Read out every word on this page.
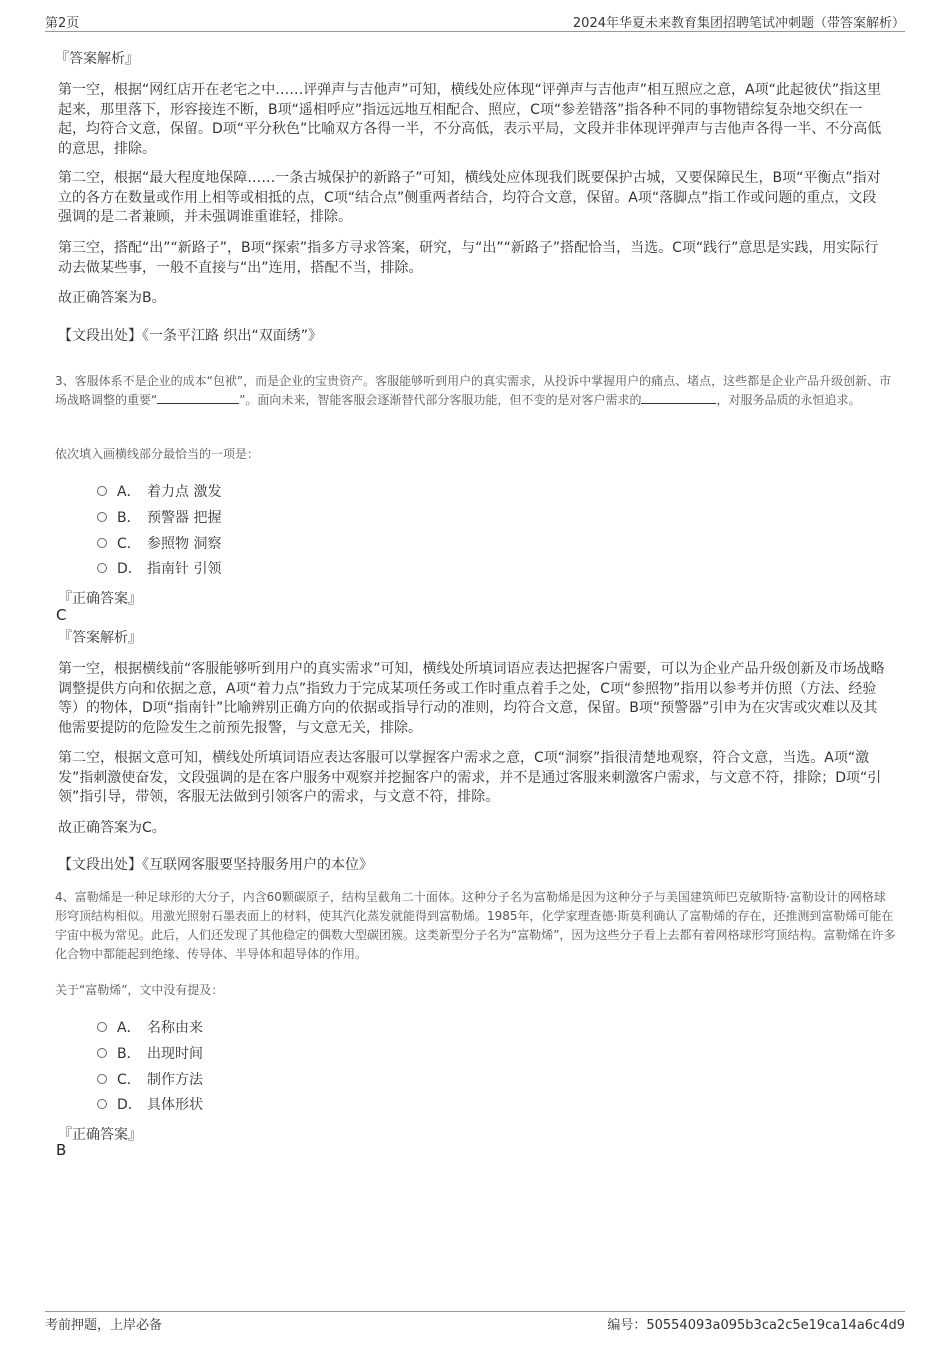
第2页	2024年华夏未来教育集团招聘笔试冲刺题（带答案解析）
『答案解析』

第一空，根据“网红店开在老宅之中……评弹声与吉他声”可知，横线处应体现“评弹声与吉他声”相互照应之意，A项“此起彼伏”指这里起来，那里落下，形容接连不断，B项“遥相呼应”指远远地互相配合、照应，C项“参差错落”指各种不同的事物错综复杂地交织在一起，均符合文意，保留。D项“平分秋色”比喻双方各得一半，不分高低，表示平局，文段并非体现评弹声与吉他声各得一半、不分高低的意思，排除。

第二空，根据“最大程度地保障……一条古城保护的新路子”可知，横线处应体现我们既要保护古城，又要保障民生，B项“平衡点”指对立的各方在数量或作用上相等或相抵的点，C项“结合点”侧重两者结合，均符合文意，保留。A项“落脚点”指工作或问题的重点，文段强调的是二者兼顾，并未强调谁重谁轻，排除。

第三空，搭配“出”“新路子”，B项“探索”指多方寻求答案，研究，与“出”“新路子”搭配恰当，当选。C项“践行”意思是实践，用实际行动去做某些事，一般不直接与“出”连用，搭配不当，排除。

故正确答案为B。

【文段出处】《一条平江路 织出“双面绣”》

3、客服体系不是企业的成本“包袱”，而是企业的宝贵资产。客服能够听到用户的真实需求，从投诉中掌握用户的痛点、堵点，这些都是企业产品升级创新、市场战略调整的重要“	”。面向未来，智能客服会逐渐替代部分客服功能，但不变的是对客户需求的	，对服务品质的永恒追求。

依次填入画横线部分最恰当的一项是：
A． 着力点 激发
B． 预警器 把握
C． 参照物 洞察
D． 指南针 引领
『正确答案』
C
『答案解析』

第一空，根据横线前“客服能够听到用户的真实需求”可知，横线处所填词语应表达把握客户需要，可以为企业产品升级创新及市场战略调整提供方向和依据之意，A项“着力点”指致力于完成某项任务或工作时重点着手之处，C项“参照物”指用以参考并仿照（方法、经验等）的物体，D项“指南针”比喻辨别正确方向的依据或指导行动的准则，均符合文意，保留。B项“预警器”引申为在灾害或灾难以及其他需要提防的危险发生之前预先报警，与文意无关，排除。

第二空，根据文意可知，横线处所填词语应表达客服可以掌握客户需求之意，C项“洞察”指很清楚地观察，符合文意，当选。A项“激发”指刺激使奋发，文段强调的是在客户服务中观察并挖掘客户的需求，并不是通过客服来刺激客户需求，与文意不符，排除；D项“引领”指引导，带领，客服无法做到引领客户的需求，与文意不符，排除。

故正确答案为C。

【文段出处】《互联网客服要坚持服务用户的本位》

4、富勒烯是一种足球形的大分子，内含60颗碳原子，结构呈截角二十面体。这种分子名为富勒烯是因为这种分子与美国建筑师巴克敏斯特·富勒设计的网格球形穹顶结构相似。用激光照射石墨表面上的材料，使其汽化蒸发就能得到富勒烯。1985年，化学家理查德·斯莫利确认了富勒烯的存在，还推测到富勒烯可能在宇宙中极为常见。此后，人们还发现了其他稳定的偶数大型碳团簇。这类新型分子名为“富勒烯”，因为这些分子看上去都有着网格球形穹顶结构。富勒烯在许多化合物中都能起到绝缘、传导体、半导体和超导体的作用。

关于“富勒烯”，文中没有提及：
A． 名称由来
B． 出现时间
C． 制作方法
D． 具体形状
『正确答案』
B
考前押题，上岸必备	编号：50554093a095b3ca2c5e19ca14a6c4d9
